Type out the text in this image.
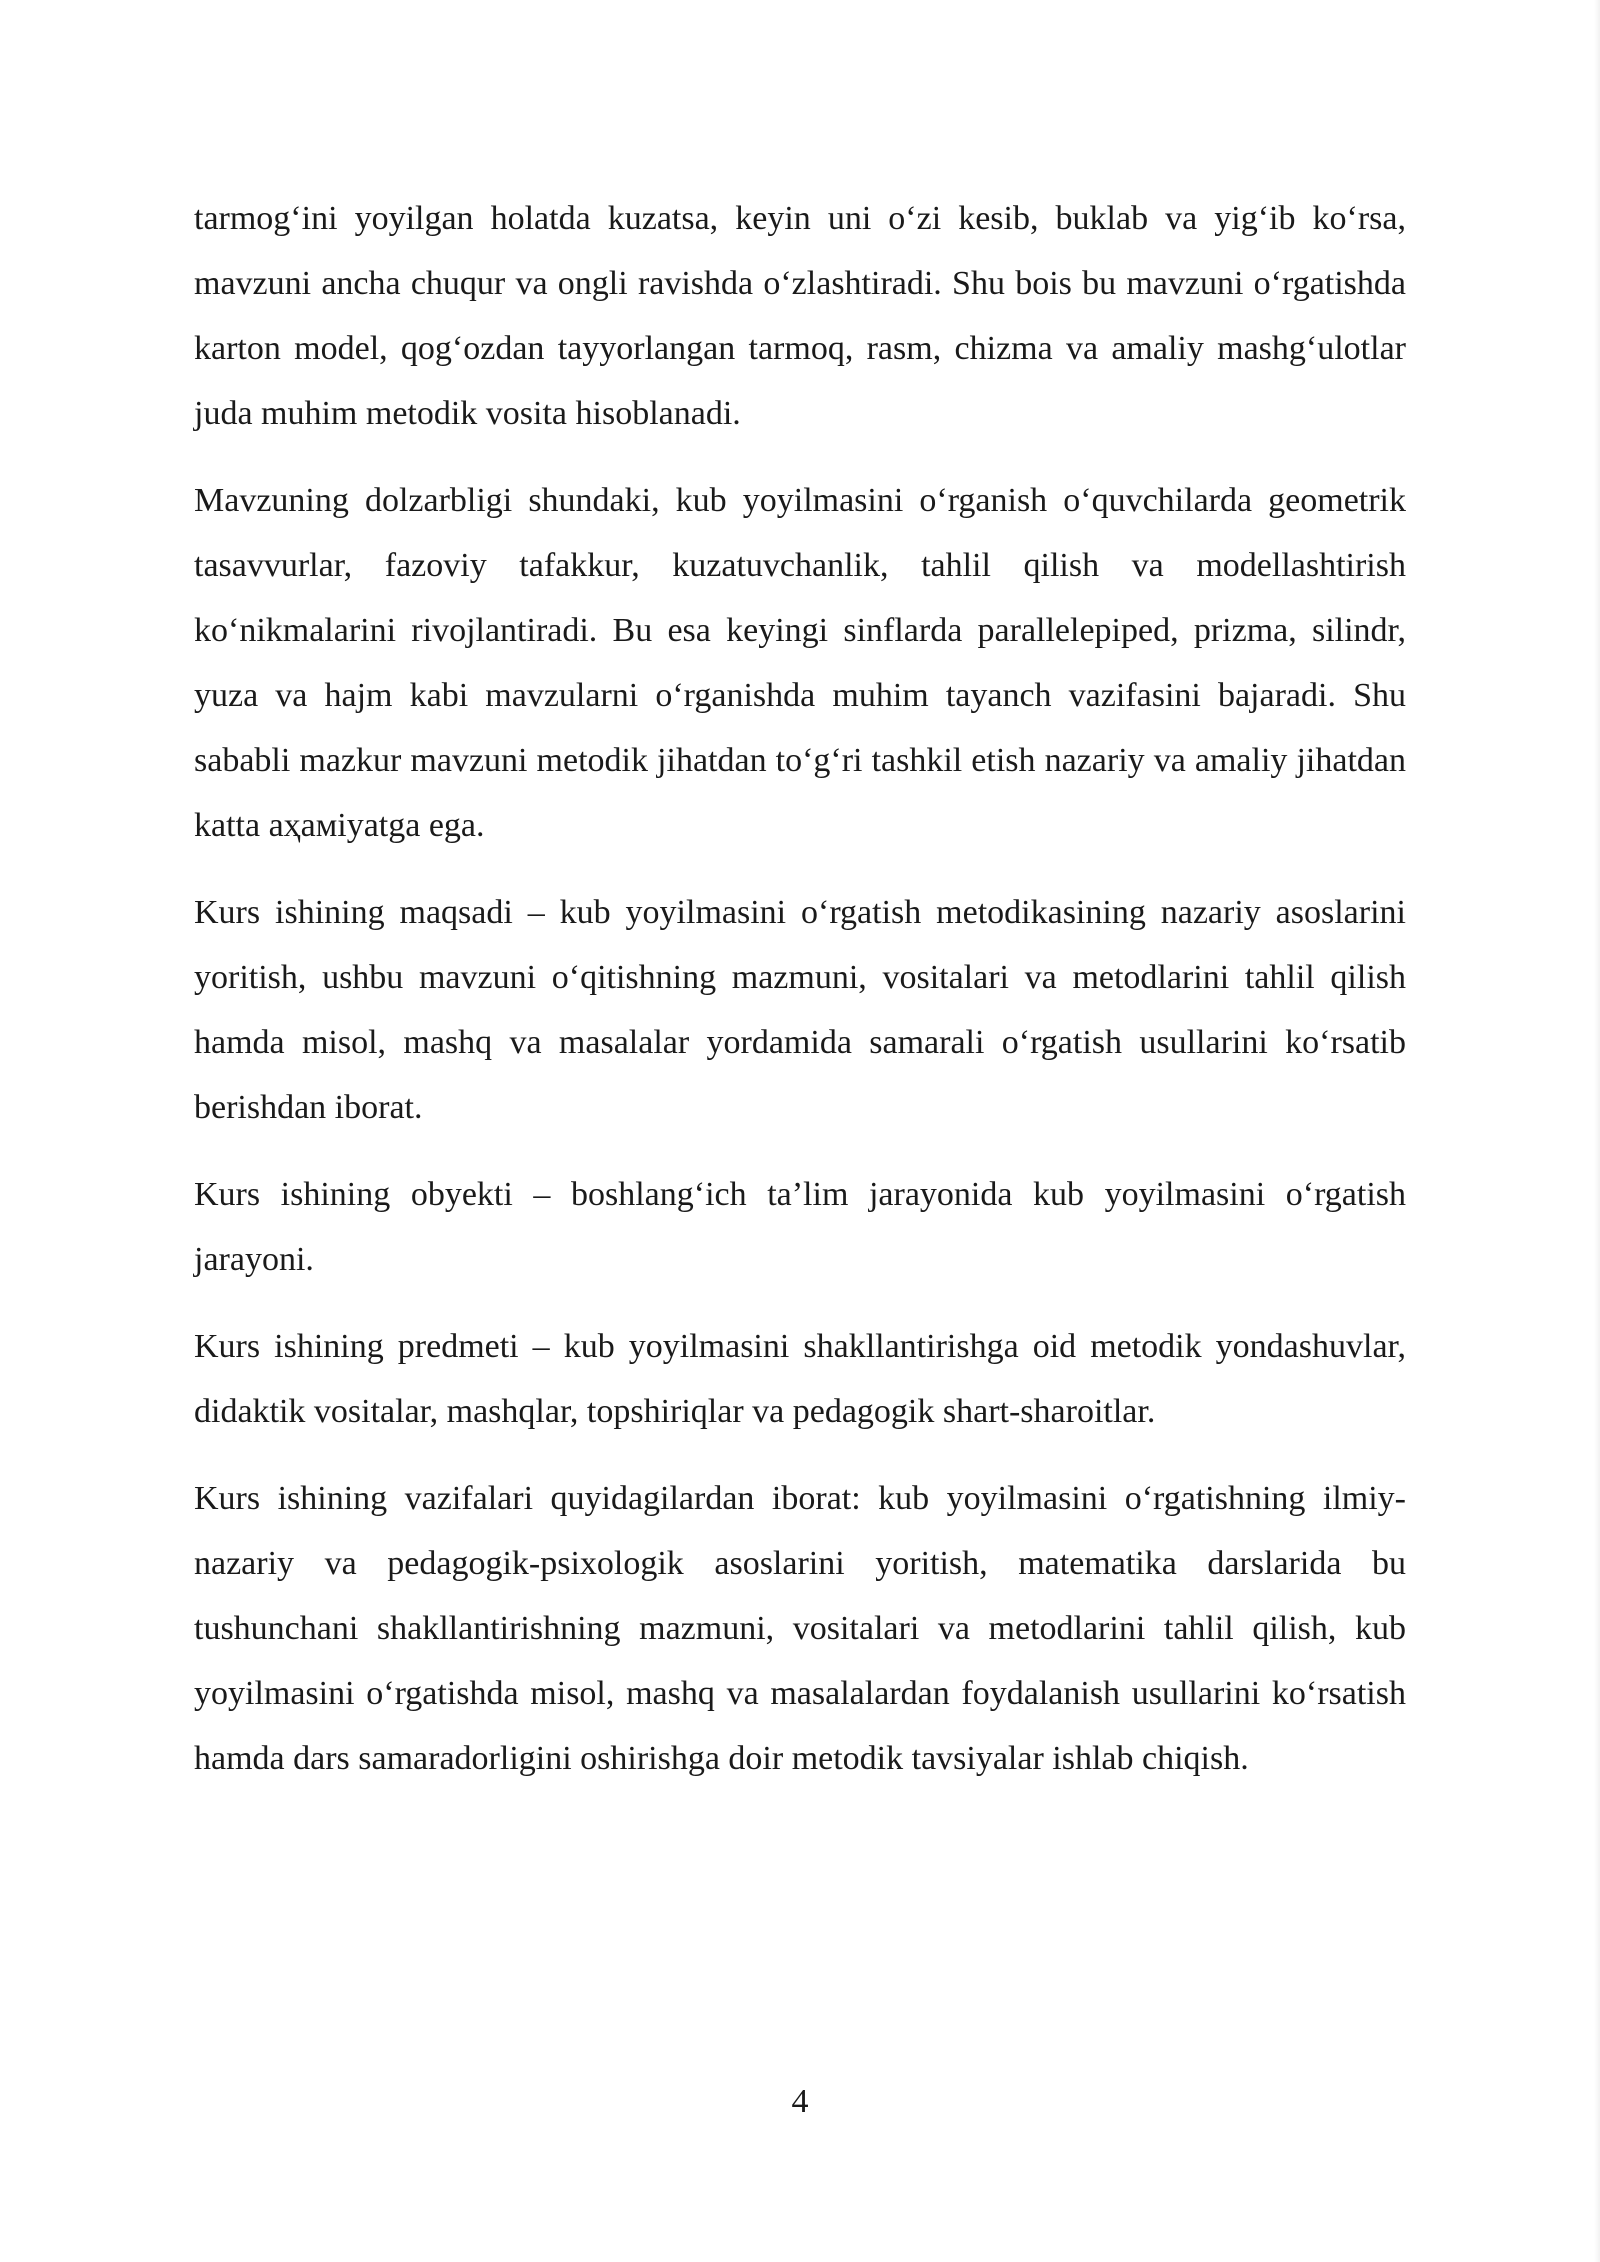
tarmog‘ini yoyilgan holatda kuzatsa, keyin uni o‘zi kesib, buklab va yig‘ib ko‘rsa, mavzuni ancha chuqur va ongli ravishda o‘zlashtiradi. Shu bois bu mavzuni o‘rgatishda karton model, qog‘ozdan tayyorlangan tarmoq, rasm, chizma va amaliy mashg‘ulotlar juda muhim metodik vosita hisoblanadi.

Mavzuning dolzarbligi shundaki, kub yoyilmasini o‘rganish o‘quvchilarda geometrik tasavvurlar, fazoviy tafakkur, kuzatuvchanlik, tahlil qilish va modellashtirish ko‘nikmalarini rivojlantiradi. Bu esa keyingi sinflarda parallelepiped, prizma, silindr, yuza va hajm kabi mavzularni o‘rganishda muhim tayanch vazifasini bajaradi. Shu sababli mazkur mavzuni metodik jihatdan to‘g‘ri tashkil etish nazariy va amaliy jihatdan katta aҳамiyatga ega.

Kurs ishining maqsadi – kub yoyilmasini o‘rgatish metodikasining nazariy asoslarini yoritish, ushbu mavzuni o‘qitishning mazmuni, vositalari va metodlarini tahlil qilish hamda misol, mashq va masalalar yordamida samarali o‘rgatish usullarini ko‘rsatib berishdan iborat.

Kurs ishining obyekti – boshlang‘ich ta’lim jarayonida kub yoyilmasini o‘rgatish jarayoni.

Kurs ishining predmeti – kub yoyilmasini shakllantirishga oid metodik yondashuvlar, didaktik vositalar, mashqlar, topshiriqlar va pedagogik shart-sharoitlar.

Kurs ishining vazifalari quyidagilardan iborat: kub yoyilmasini o‘rgatishning ilmiy-nazariy va pedagogik-psixologik asoslarini yoritish, matematika darslarida bu tushunchani shakllantirishning mazmuni, vositalari va metodlarini tahlil qilish, kub yoyilmasini o‘rgatishda misol, mashq va masalalardan foydalanish usullarini ko‘rsatish hamda dars samaradorligini oshirishga doir metodik tavsiyalar ishlab chiqish.

4
